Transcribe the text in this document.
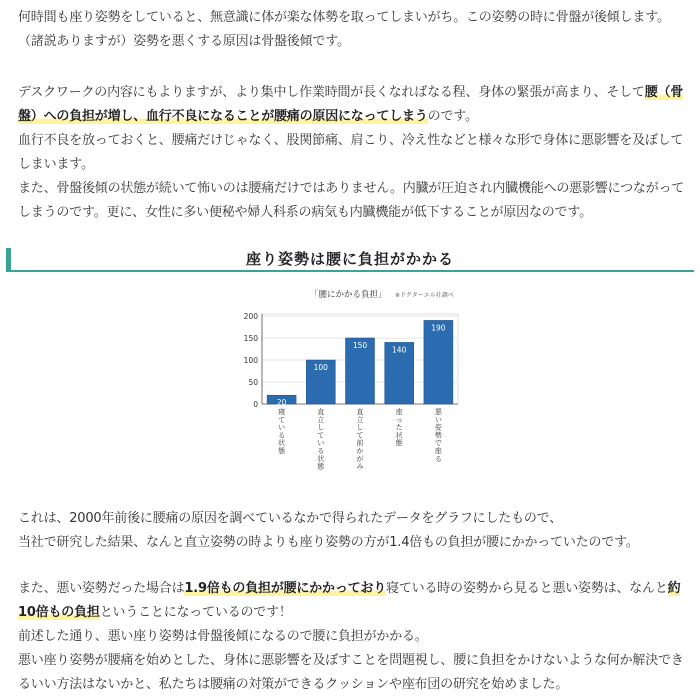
何時間も座り姿勢をしていると、無意識に体が楽な体勢を取ってしまいがち。この姿勢の時に骨盤が後傾します。
（諸説ありますが）姿勢を悪くする原因は骨盤後傾です。

デスクワークの内容にもよりますが、より集中し作業時間が長くなればなる程、身体の緊張が高まり、そして腰（骨盤）への負担が増し、血行不良になることが腰痛の原因になってしまうのです。

血行不良を放っておくと、腰痛だけじゃなく、股関節痛、肩こり、冷え性などと様々な形で身体に悪影響を及ぼしてしまいます。

また、骨盤後傾の状態が続いて怖いのは腰痛だけではありません。内臓が圧迫され内臓機能への悪影響につながってしまうのです。更に、女性に多い便秘や婦人科系の病気も内臓機能が低下することが原因なのです。

座り姿勢は腰に負担がかかる
「腰にかかる負担」 ※ドクターエル社調べ
0
50
100
150
200
20
寝ている状態
100
直立している状態
150
直立して前かがみ
140
座った状態
190
悪い姿勢で座る

これは、2000年前後に腰痛の原因を調べているなかで得られたデータをグラフにしたもので、
当社で研究した結果、なんと直立姿勢の時よりも座り姿勢の方が1.4倍もの負担が腰にかかっていたのです。

また、悪い姿勢だった場合は1.9倍もの負担が腰にかかっており寝ている時の姿勢から見ると悪い姿勢は、なんと約10倍もの負担ということになっているのです！

前述した通り、悪い座り姿勢は骨盤後傾になるので腰に負担がかかる。
悪い座り姿勢が腰痛を始めとした、身体に悪影響を及ぼすことを問題視し、腰に負担をかけないような何か解決できるいい方法はないかと、私たちは腰痛の対策ができるクッションや座布団の研究を始めました。
